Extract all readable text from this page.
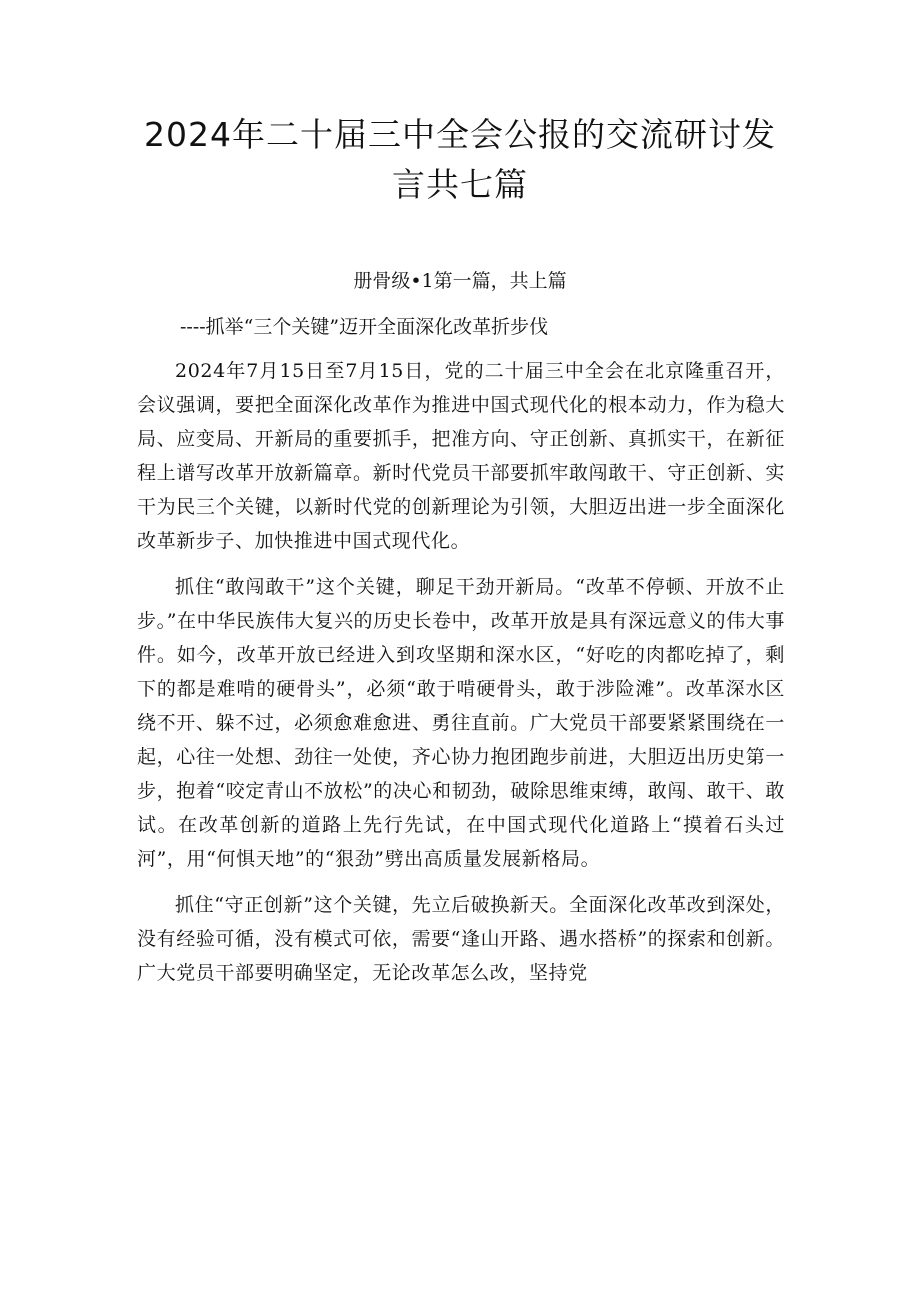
2024年二十届三中全会公报的交流研讨发言共七篇

册骨级•1第一篇，共上篇

----抓举“三个关键”迈开全面深化改革折步伐

2024年7月15日至7月15日，党的二十届三中全会在北京隆重召开，会议强调，要把全面深化改革作为推进中国式现代化的根本动力，作为稳大局、应变局、开新局的重要抓手，把准方向、守正创新、真抓实干，在新征程上谱写改革开放新篇章。新时代党员干部要抓牢敢闯敢干、守正创新、实干为民三个关键，以新时代党的创新理论为引领，大胆迈出进一步全面深化改革新步子、加快推进中国式现代化。

抓住“敢闯敢干”这个关键，聊足干劲开新局。“改革不停顿、开放不止步。”在中华民族伟大复兴的历史长卷中，改革开放是具有深远意义的伟大事件。如今，改革开放已经进入到攻坚期和深水区，“好吃的肉都吃掉了，剩下的都是难啃的硬骨头”，必须“敢于啃硬骨头，敢于涉险滩”。改革深水区绕不开、躲不过，必须愈难愈进、勇往直前。广大党员干部要紧紧围绕在一起，心往一处想、劲往一处使，齐心协力抱团跑步前进，大胆迈出历史第一步，抱着“咬定青山不放松”的决心和韧劲，破除思维束缚，敢闯、敢干、敢试。在改革创新的道路上先行先试，在中国式现代化道路上“摸着石头过河”，用“何惧天地”的“狠劲”劈出高质量发展新格局。

抓住“守正创新”这个关键，先立后破换新天。全面深化改革改到深处，没有经验可循，没有模式可依，需要“逢山开路、遇水搭桥”的探索和创新。广大党员干部要明确坚定，无论改革怎么改，坚持党
